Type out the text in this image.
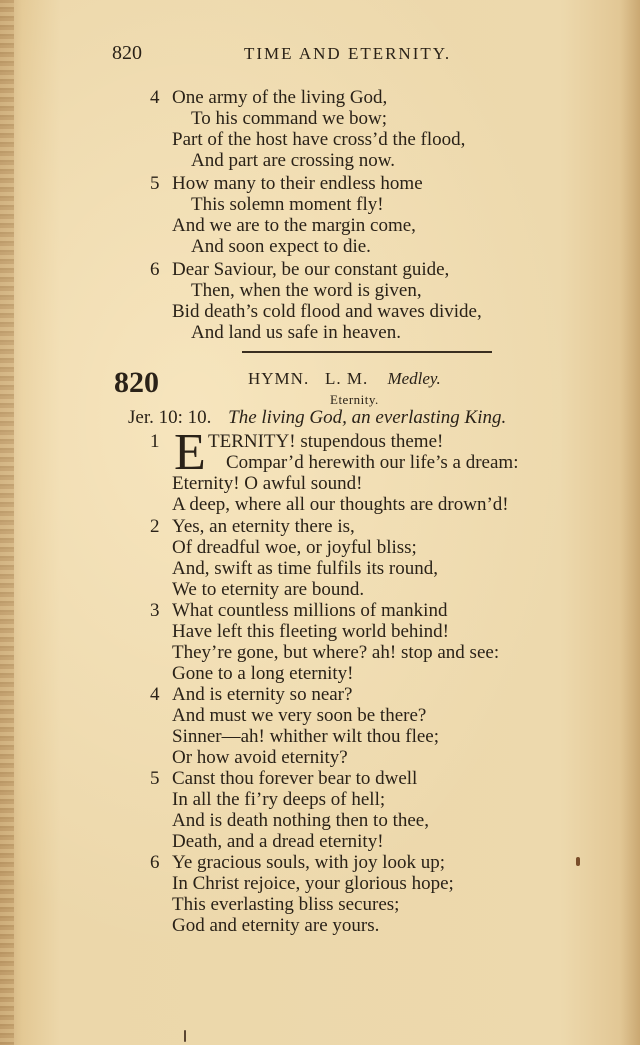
820	TIME AND ETERNITY.
4 One army of the living God,
To his command we bow;
Part of the host have cross’d the flood,
And part are crossing now.
5 How many to their endless home
This solemn moment fly!
And we are to the margin come,
And soon expect to die.
6 Dear Saviour, be our constant guide,
Then, when the word is given,
Bid death’s cold flood and waves divide,
And land us safe in heaven.
820	HYMN.   L. M. Medley.
Eternity.
Jer. 10: 10. The living God, an everlasting King.
1 E TERNITY! stupendous theme!
Compar’d herewith our life’s a dream:
Eternity! O awful sound!
A deep, where all our thoughts are drown’d!
2 Yes, an eternity there is,
Of dreadful woe, or joyful bliss;
And, swift as time fulfils its round,
We to eternity are bound.
3 What countless millions of mankind
Have left this fleeting world behind!
They’re gone, but where? ah! stop and see:
Gone to a long eternity!
4 And is eternity so near?
And must we very soon be there?
Sinner—ah! whither wilt thou flee;
Or how avoid eternity?
5 Canst thou forever bear to dwell
In all the fi’ry deeps of hell;
And is death nothing then to thee,
Death, and a dread eternity!
6 Ye gracious souls, with joy look up;
In Christ rejoice, your glorious hope;
This everlasting bliss secures;
God and eternity are yours.
